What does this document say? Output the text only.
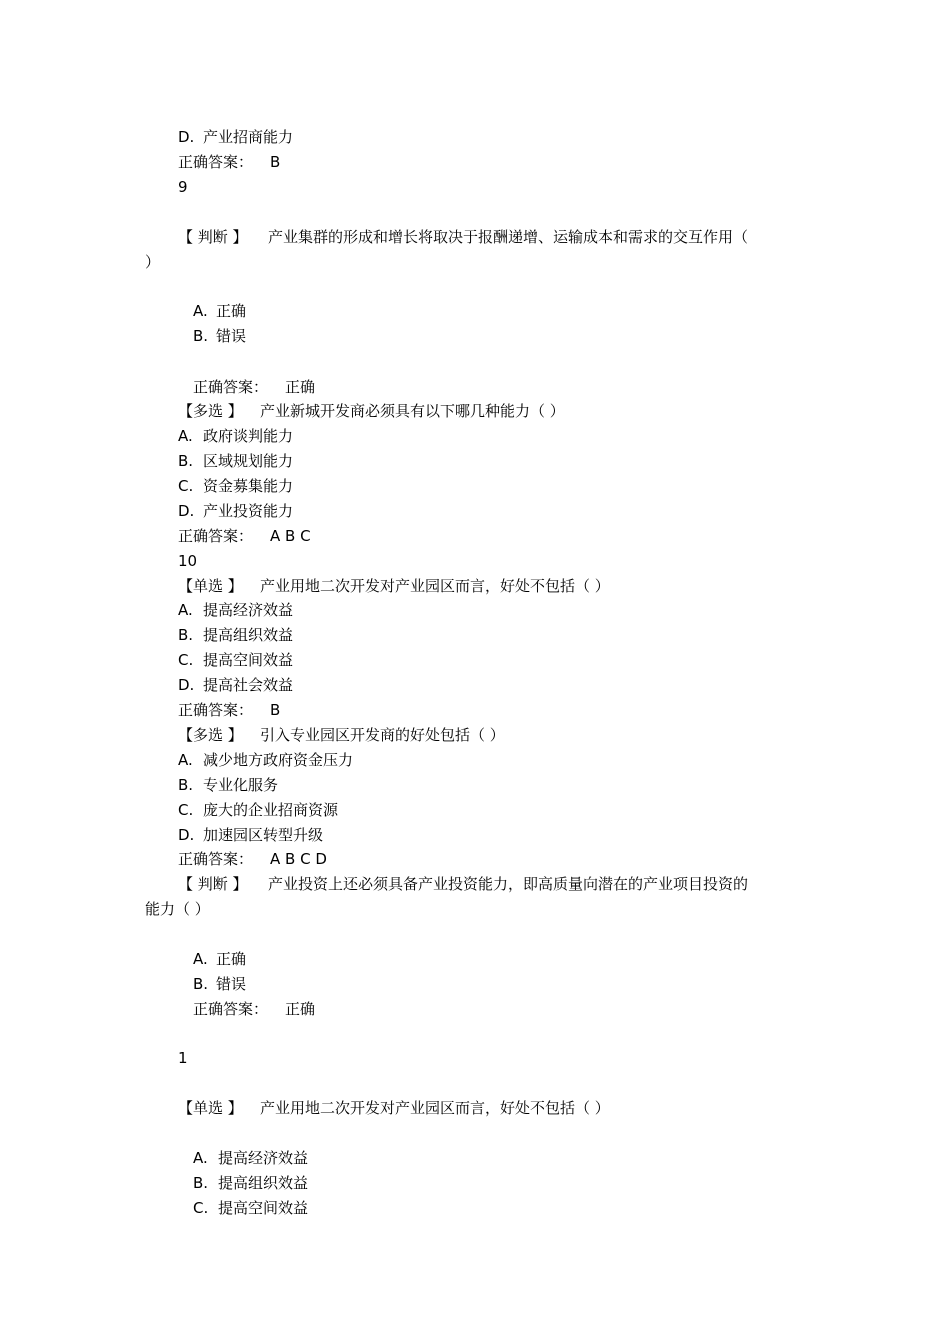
D. 产业招商能力
正确答案： B
9
【 判断 】 产业集群的形成和增长将取决于报酬递增、运输成本和需求的交互作用（
）
A. 正确
B. 错误
正确答案： 正确
【多选 】 产业新城开发商必须具有以下哪几种能力（ ）
A. 政府谈判能力
B. 区域规划能力
C. 资金募集能力
D. 产业投资能力
正确答案： A B C
10
【单选 】 产业用地二次开发对产业园区而言，好处不包括（ ）
A. 提高经济效益
B. 提高组织效益
C. 提高空间效益
D. 提高社会效益
正确答案： B
【多选 】 引入专业园区开发商的好处包括（ ）
A. 减少地方政府资金压力
B. 专业化服务
C. 庞大的企业招商资源
D. 加速园区转型升级
正确答案： A B C D
【 判断 】 产业投资上还必须具备产业投资能力，即高质量向潜在的产业项目投资的
能力（ ）
A. 正确
B. 错误
正确答案： 正确
1
【单选 】 产业用地二次开发对产业园区而言，好处不包括（ ）
A. 提高经济效益
B. 提高组织效益
C. 提高空间效益
